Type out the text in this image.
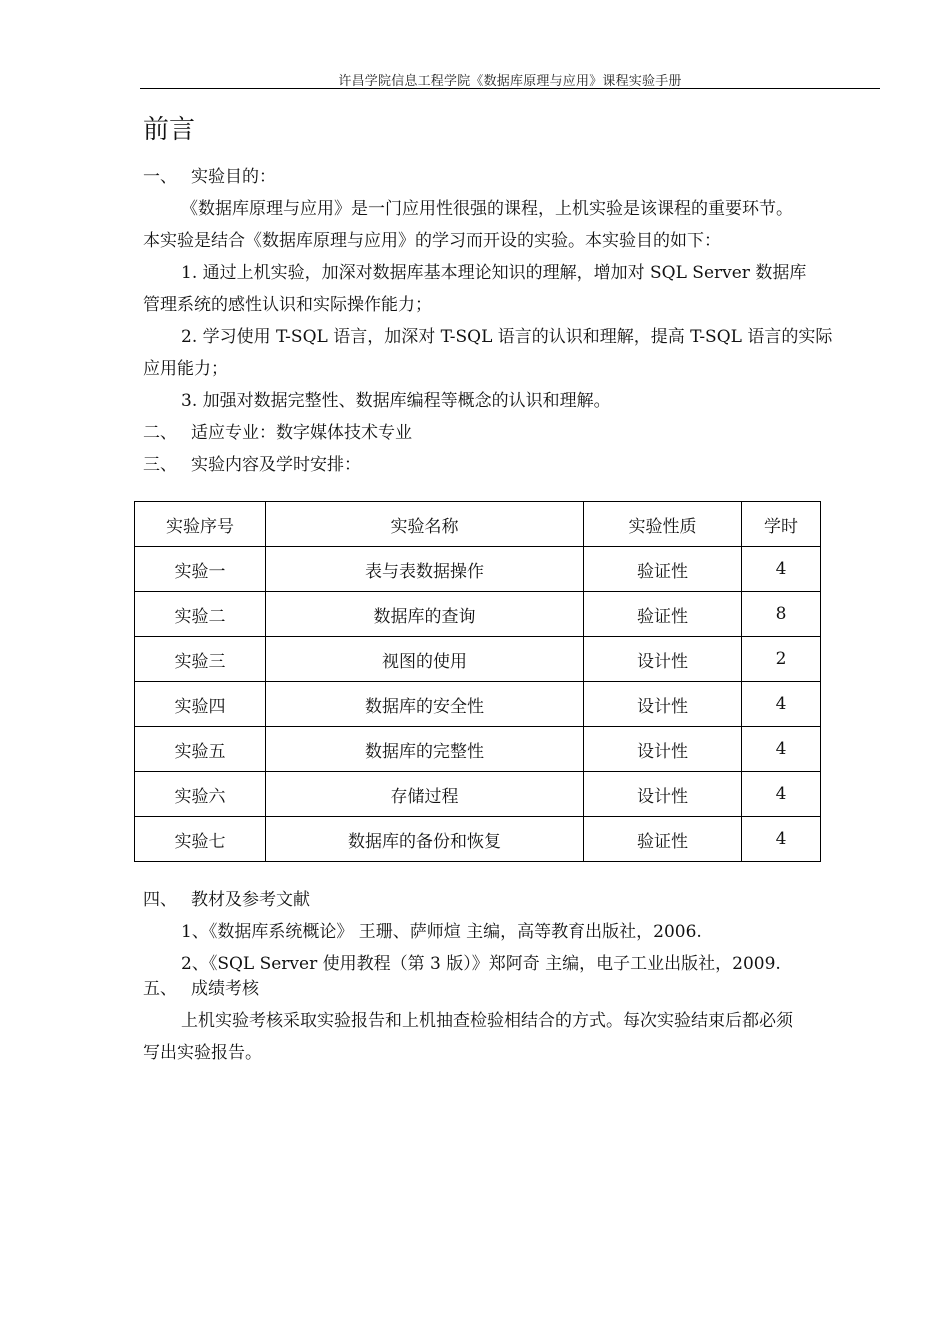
许昌学院信息工程学院《数据库原理与应用》课程实验手册
前言
一、 实验目的：
《数据库原理与应用》是一门应用性很强的课程，上机实验是该课程的重要环节。
本实验是结合《数据库原理与应用》的学习而开设的实验。本实验目的如下：
1. 通过上机实验，加深对数据库基本理论知识的理解，增加对 SQL Server 数据库
管理系统的感性认识和实际操作能力；
2. 学习使用 T-SQL 语言，加深对 T-SQL 语言的认识和理解，提高 T-SQL 语言的实际
应用能力；
3. 加强对数据完整性、数据库编程等概念的认识和理解。
二、 适应专业：数字媒体技术专业
三、 实验内容及学时安排：
实验序号	实验名称	实验性质	学时
实验一	表与表数据操作	验证性	4
实验二	数据库的查询	验证性	8
实验三	视图的使用	设计性	2
实验四	数据库的安全性	设计性	4
实验五	数据库的完整性	设计性	4
实验六	存储过程	设计性	4
实验七	数据库的备份和恢复	验证性	4
四、 教材及参考文献
1、《数据库系统概论》 王珊、萨师煊 主编，高等教育出版社，2006.
2、《SQL Server 使用教程（第 3 版）》郑阿奇 主编，电子工业出版社，2009.
五、 成绩考核
上机实验考核采取实验报告和上机抽查检验相结合的方式。每次实验结束后都必须
写出实验报告。
